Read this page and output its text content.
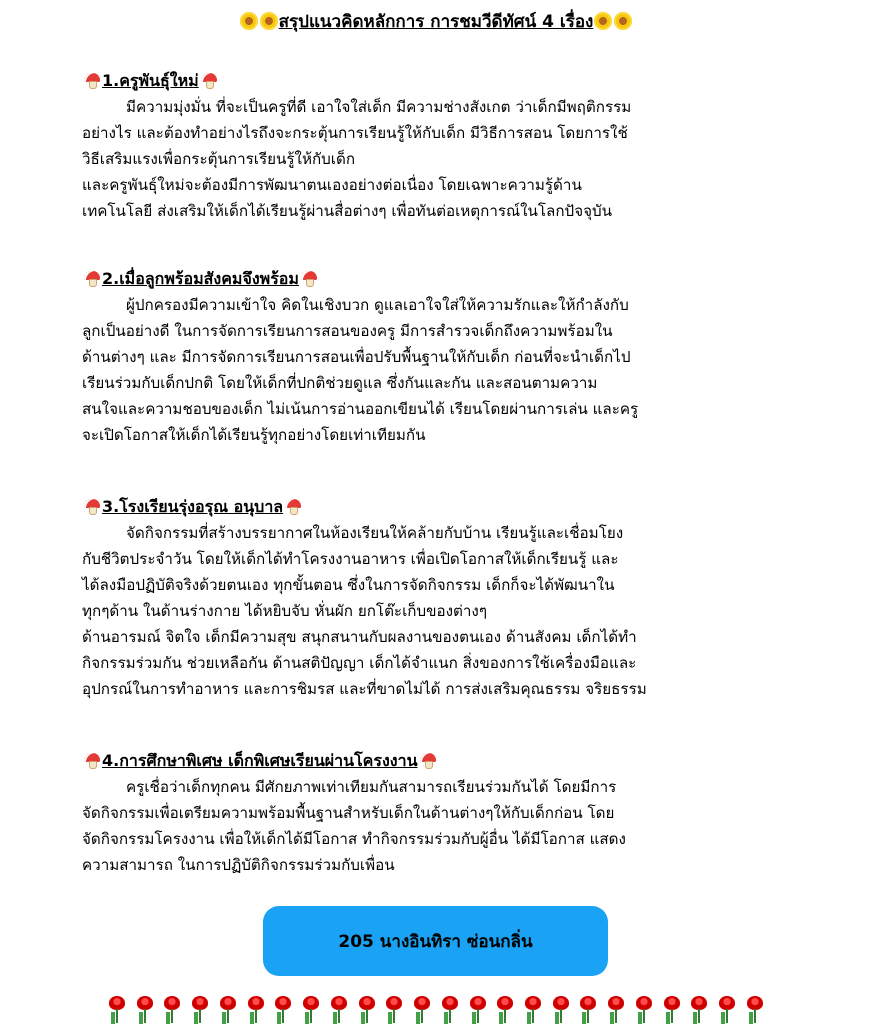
สรุปแนวคิดหลักการ การชมวีดีทัศน์ 4 เรื่อง
1.ครูพันธุ์ใหม่
มีความมุ่งมั่น ที่จะเป็นครูที่ดี เอาใจใส่เด็ก มีความช่างสังเกต ว่าเด็กมีพฤติกรรม
อย่างไร และต้องทำอย่างไรถึงจะกระตุ้นการเรียนรู้ให้กับเด็ก มีวิธีการสอน โดยการใช้
วิธีเสริมแรงเพื่อกระตุ้นการเรียนรู้ให้กับเด็ก
และครูพันธุ์ใหม่จะต้องมีการพัฒนาตนเองอย่างต่อเนื่อง โดยเฉพาะความรู้ด้าน
เทคโนโลยี ส่งเสริมให้เด็กได้เรียนรู้ผ่านสื่อต่างๆ เพื่อทันต่อเหตุการณ์ในโลกปัจจุบัน
2.เมื่อลูกพร้อมสังคมจึงพร้อม
ผู้ปกครองมีความเข้าใจ คิดในเชิงบวก ดูแลเอาใจใส่ให้ความรักและให้กำลังกับ
ลูกเป็นอย่างดี ในการจัดการเรียนการสอนของครู มีการสำรวจเด็กถึงความพร้อมใน
ด้านต่างๆ และ มีการจัดการเรียนการสอนเพื่อปรับพื้นฐานให้กับเด็ก ก่อนที่จะนำเด็กไป
เรียนร่วมกับเด็กปกติ โดยให้เด็กที่ปกติช่วยดูแล ซึ่งกันและกัน และสอนตามความ
สนใจและความชอบของเด็ก ไม่เน้นการอ่านออกเขียนได้ เรียนโดยผ่านการเล่น และครู
จะเปิดโอกาสให้เด็กได้เรียนรู้ทุกอย่างโดยเท่าเทียมกัน
3.โรงเรียนรุ่งอรุณ อนุบาล
จัดกิจกรรมที่สร้างบรรยากาศในห้องเรียนให้คล้ายกับบ้าน เรียนรู้และเชื่อมโยง
กับชีวิตประจำวัน โดยให้เด็กได้ทำโครงงานอาหาร เพื่อเปิดโอกาสให้เด็กเรียนรู้ และ
ได้ลงมือปฏิบัติจริงด้วยตนเอง ทุกขั้นตอน ซึ่งในการจัดกิจกรรม เด็กก็จะได้พัฒนาใน
ทุกๆด้าน ในด้านร่างกาย ได้หยิบจับ หั่นผัก ยกโต๊ะเก็บของต่างๆ
ด้านอารมณ์ จิตใจ เด็กมีความสุข สนุกสนานกับผลงานของตนเอง ด้านสังคม เด็กได้ทำ
กิจกรรมร่วมกัน ช่วยเหลือกัน ด้านสติปัญญา เด็กได้จำแนก สิ่งของการใช้เครื่องมือและ
อุปกรณ์ในการทำอาหาร และการชิมรส และที่ขาดไม่ได้ การส่งเสริมคุณธรรม จริยธรรม
4.การศึกษาพิเศษ เด็กพิเศษเรียนผ่านโครงงาน
ครูเชื่อว่าเด็กทุกคน มีศักยภาพเท่าเทียมกันสามารถเรียนร่วมกันได้ โดยมีการ
จัดกิจกรรมเพื่อเตรียมความพร้อมพื้นฐานสำหรับเด็กในด้านต่างๆให้กับเด็กก่อน โดย
จัดกิจกรรมโครงงาน เพื่อให้เด็กได้มีโอกาส ทำกิจกรรมร่วมกับผู้อื่น ได้มีโอกาส แสดง
ความสามารถ ในการปฏิบัติกิจกรรมร่วมกับเพื่อน
205 นางอินทิรา ซ่อนกลิ่น
